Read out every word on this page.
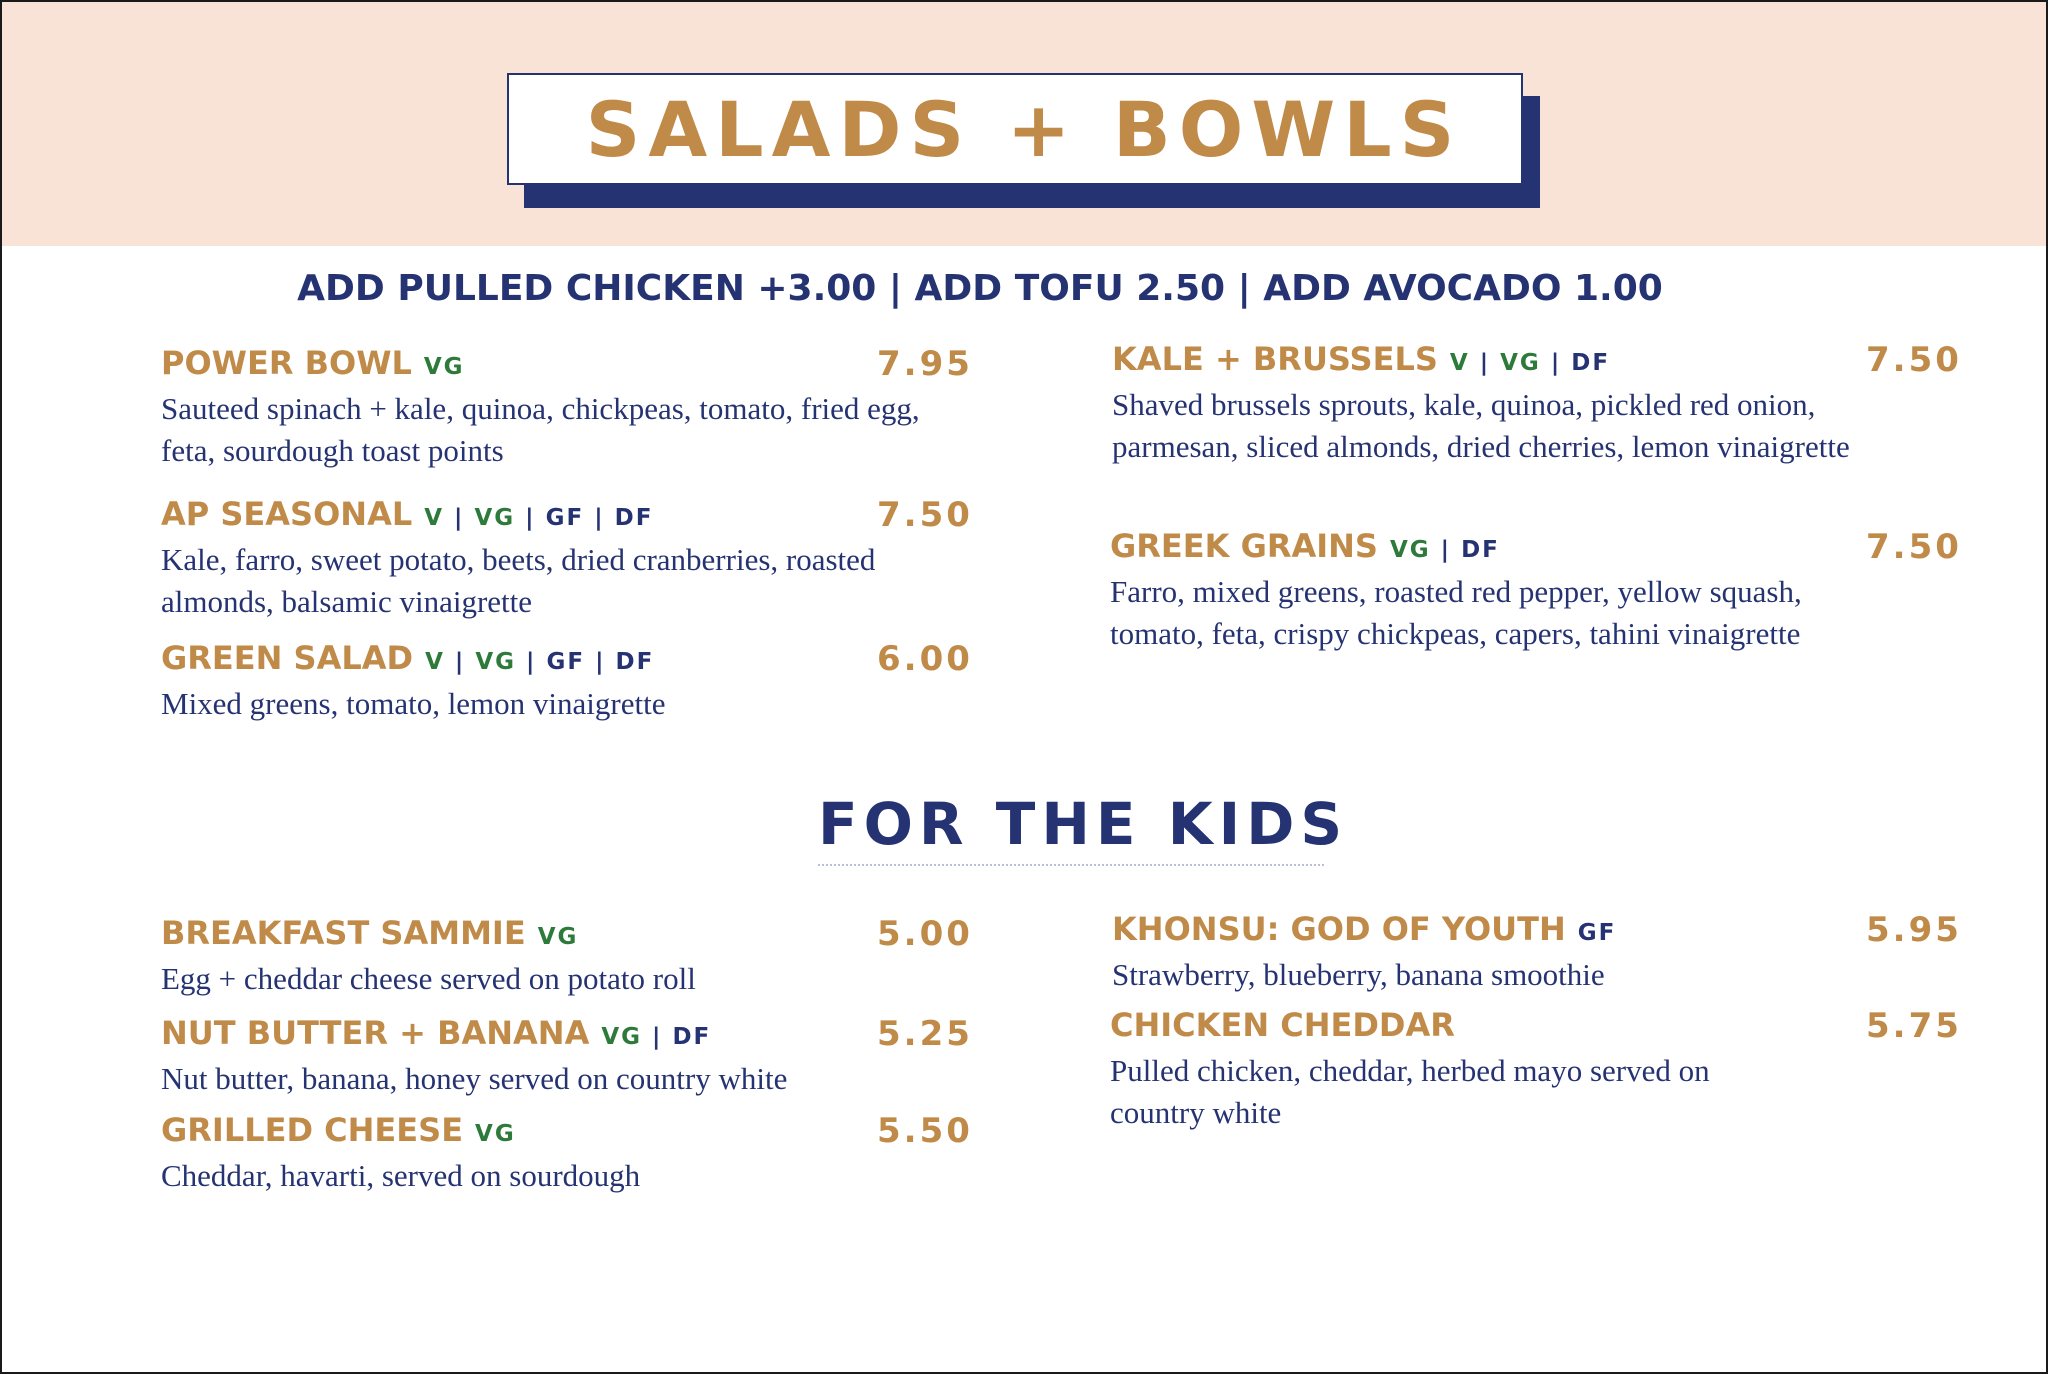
SALADS + BOWLS
ADD PULLED CHICKEN +3.00 | ADD TOFU 2.50 | ADD AVOCADO 1.00
FOR THE KIDS
POWER BOWL VG	7.95
Sauteed spinach + kale, quinoa, chickpeas, tomato, fried egg, feta, sourdough toast points
AP SEASONAL V | VG | GF | DF	7.50
Kale, farro, sweet potato, beets, dried cranberries, roasted almonds, balsamic vinaigrette
GREEN SALAD V | VG | GF | DF	6.00
Mixed greens, tomato, lemon vinaigrette
KALE + BRUSSELS V | VG | DF	7.50
Shaved brussels sprouts, kale, quinoa, pickled red onion, parmesan, sliced almonds, dried cherries, lemon vinaigrette
GREEK GRAINS VG | DF	7.50
Farro, mixed greens, roasted red pepper, yellow squash, tomato, feta, crispy chickpeas, capers, tahini vinaigrette
BREAKFAST SAMMIE VG	5.00
Egg + cheddar cheese served on potato roll
NUT BUTTER + BANANA VG | DF	5.25
Nut butter, banana, honey served on country white
GRILLED CHEESE VG	5.50
Cheddar, havarti, served on sourdough
KHONSU: GOD OF YOUTH GF	5.95
Strawberry, blueberry, banana smoothie
CHICKEN CHEDDAR	5.75
Pulled chicken, cheddar, herbed mayo served on country white
